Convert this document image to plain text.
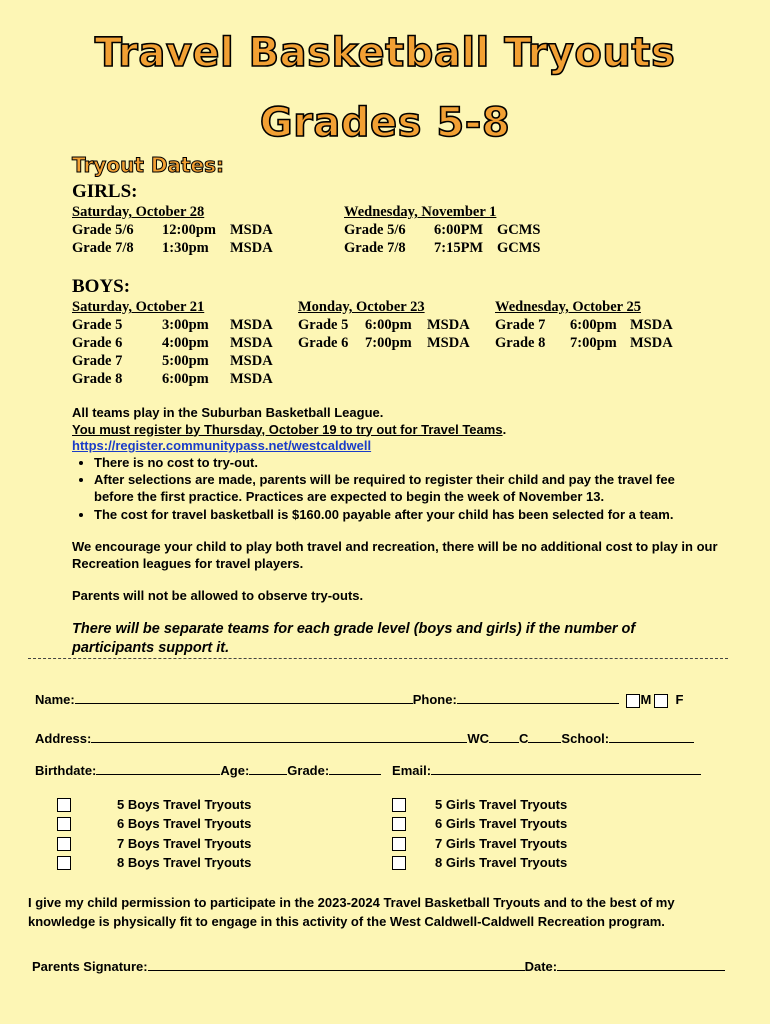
Travel Basketball Tryouts
Grades 5-8
Tryout Dates:
GIRLS:
Saturday, October 28
Grade 5/6 12:00pm MSDA
Grade 7/8 1:30pm MSDA
Wednesday, November 1
Grade 5/6 6:00PM GCMS
Grade 7/8 7:15PM GCMS
BOYS:
Saturday, October 21
Grade 5	3:00pm MSDA
Grade 6	4:00pm MSDA
Grade 7	5:00pm MSDA
Grade 8	6:00pm MSDA
Monday, October 23
Grade 5 6:00pm MSDA
Grade 6 7:00pm MSDA
Wednesday, October 25
Grade 7 6:00pm MSDA
Grade 8 7:00pm MSDA
All teams play in the Suburban Basketball League.
You must register by Thursday, October 19 to try out for Travel Teams.
https://register.communitypass.net/westcaldwell
• There is no cost to try-out.
• After selections are made, parents will be required to register their child and pay the travel fee before the first practice. Practices are expected to begin the week of November 13.
• The cost for travel basketball is $160.00 payable after your child has been selected for a team.
We encourage your child to play both travel and recreation, there will be no additional cost to play in our Recreation leagues for travel players.
Parents will not be allowed to observe try-outs.
There will be separate teams for each grade level (boys and girls) if the number of participants support it.
Name:	Phone:	M F
Address:	WC C	School:
Birthdate:	Age:	Grade:	Email:
5 Boys Travel Tryouts
6 Boys Travel Tryouts
7 Boys Travel Tryouts
8 Boys Travel Tryouts
5 Girls Travel Tryouts
6 Girls Travel Tryouts
7 Girls Travel Tryouts
8 Girls Travel Tryouts
I give my child permission to participate in the 2023-2024 Travel Basketball Tryouts and to the best of my knowledge is physically fit to engage in this activity of the West Caldwell-Caldwell Recreation program.
Parents Signature:	Date:
